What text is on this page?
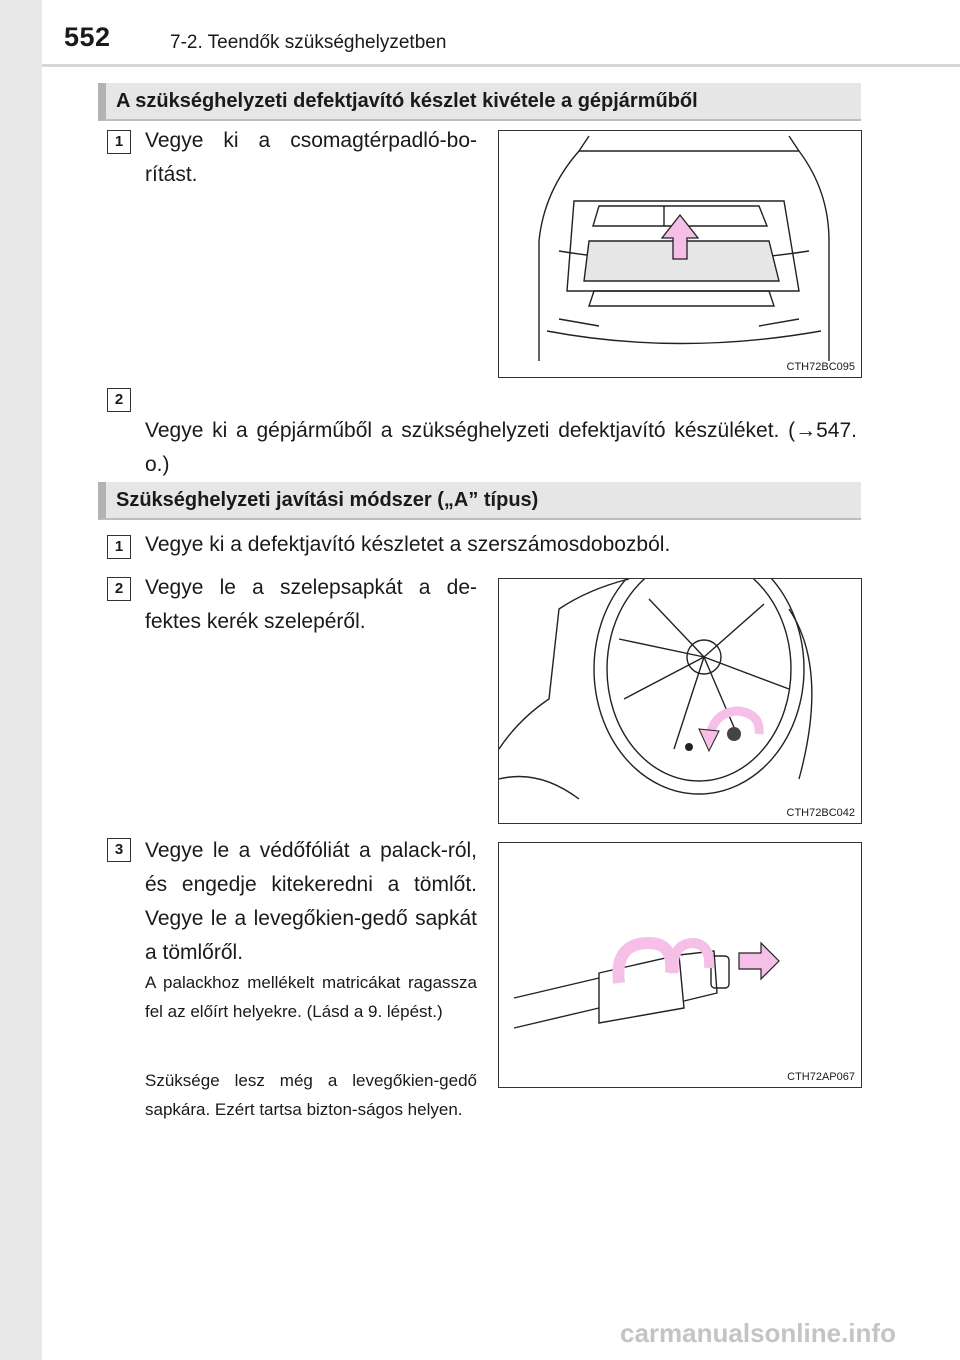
552	7-2. Teendők szükséghelyzetben
A szükséghelyzeti defektjavító készlet kivétele a gépjárműből
1	Vegye ki a csomagtérpadló-bo-rítást.
CTH72BC095
2
Vegye ki a gépjárműből a szükséghelyzeti defektjavító készüléket. (→547. o.)
Szükséghelyzeti javítási módszer („A” típus)
1	Vegye ki a defektjavító készletet a szerszámosdobozból.
2	Vegye le a szelepsapkát a de-fektes kerék szelepéről.
CTH72BC042
3	Vegye le a védőfóliát a palack-ról, és engedje kitekeredni a tömlőt. Vegye le a levegőkien-gedő sapkát a tömlőről.
A palackhoz mellékelt matricákat ragassza fel az előírt helyekre. (Lásd a 9. lépést.)
Szüksége lesz még a levegőkien-gedő sapkára. Ezért tartsa bizton-ságos helyen.
CTH72AP067
carmanualsonline.info
